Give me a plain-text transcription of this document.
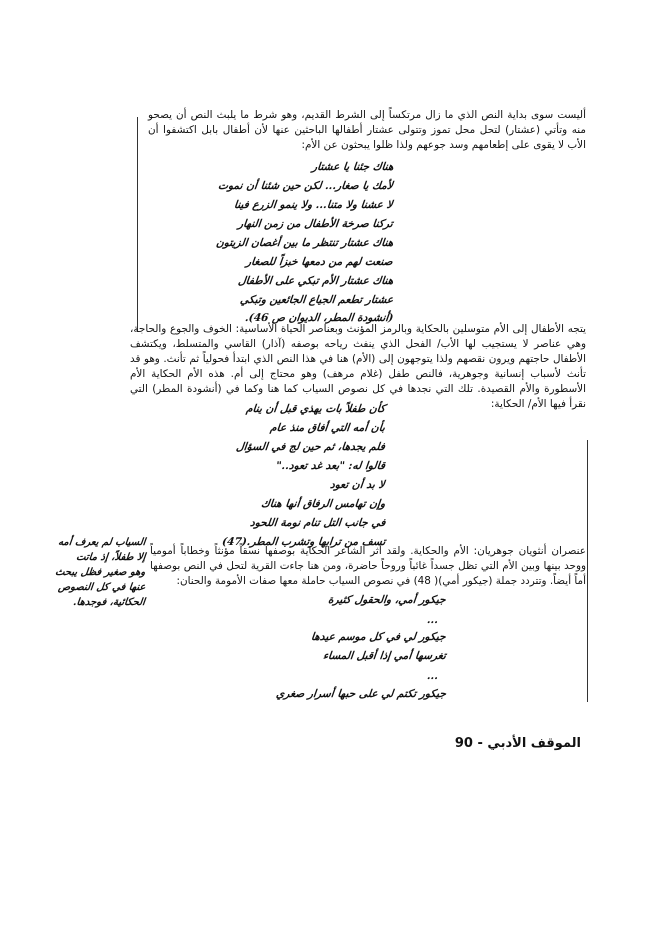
أليست سوى بداية النص الذي ما زال مرتكساً إلى الشرط القديم، وهو شرط ما يلبث النص أن يصحو منه وتأتي (عشتار) لتحل محل تموز وتتولى عشتار أطفالها الباحثين عنها لأن أطفال بابل اكتشفوا أن الأب لا يقوى على إطعامهم وسد جوعهم ولذا ظلوا يبحثون عن الأم:

هناك جئنا يا عشتار
لأمك يا صغار... لكن حين شئنا أن نموت
لا عشنا ولا متنا... ولا ينمو الزرع فينا
تركنا صرخة الأطفال من زمن النهار
هناك عشتار تنتظر ما بين أغصان الزيتون
صنعت لهم من دمعها خبزاً للصغار
هناك عشتار الأم تبكي على الأطفال
عشتار تطعم الجياع الجائعين وتبكي
(أنشودة المطر، الديوان ص 46).

يتجه الأطفال إلى الأم متوسلين بالحكاية وبالرمز المؤنث وبعناصر الحياة الأساسية: الخوف والجوع والحاجة، وهي عناصر لا يستجيب لها الأب/ الفحل الذي ينفث رياحه بوصفه (آذار) القاسي والمتسلط، ويكتشف الأطفال حاجتهم ويرون نقصهم ولذا يتوجهون إلى (الأم) هنا في هذا النص الذي ابتدأ فحولياً ثم تأنث. وهو قد تأنث لأسباب إنسانية وجوهرية، فالنص طفل (غلام مرهف) وهو محتاج إلى أم. هذه الأم الحكاية الأم الأسطورة والأم القصيدة. تلك التي نجدها في كل نصوص السياب كما هنا وكما في (أنشودة المطر) التي نقرأ فيها الأم/ الحكاية:

كأن طفلاً بات يهذي قبل أن ينام
بأن أمه التي أفاق منذ عام
فلم يجدها، ثم حين لج في السؤال
قالوا له: "بعد غد تعود.."
لا بد أن تعود
وإن تهامس الرفاق أنها هناك
في جانب التل تنام نومة اللحود
تسف من ترابها وتشرب المطر.(47)
السياب لم يعرف أمه
إلا طفلاً، إذ ماتت
وهو صغير فظل يبحث
عنها في كل النصوص
الحكائية، فوجدها.

عنصران أنثويان جوهريان: الأم والحكاية. ولقد أثر الشاعر الحكاية بوصفها نسقاً مؤنثاً وخطاباً أمومياً ووحد بينها وبين الأم التي تظل جسداً غائباً وروحاً حاضرة، ومن هنا جاءت القرية لتحل في النص بوصفها أماً أيضاً. وتتردد جملة (جيكور أمي)( 48) في نصوص السياب حاملة معها صفات الأمومة والحنان:

جيكور أمي، والحقول كثيرة
...
جيكور لي في كل موسم عيدها
تغرسها أمي إذا أقبل المساء
...
جيكور تكتم لي على حبها أسرار صغري
الموقف الأدبي - 90
